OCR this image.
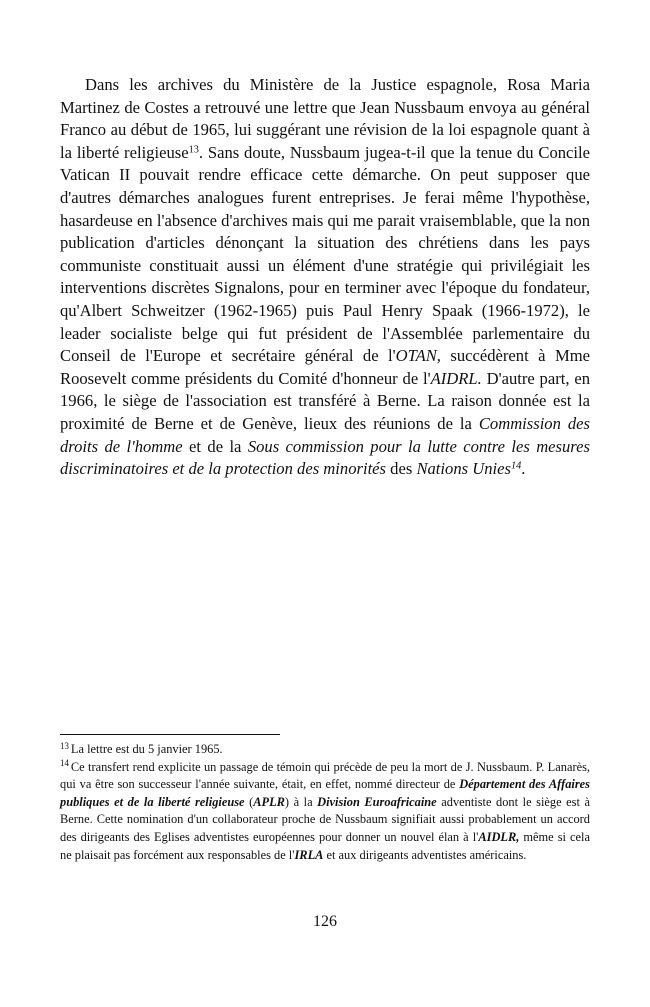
Dans les archives du Ministère de la Justice espagnole, Rosa Maria Martinez de Costes a retrouvé une lettre que Jean Nussbaum envoya au général Franco au début de 1965, lui suggérant une révision de la loi espagnole quant à la liberté religieuse$^{13}$. Sans doute, Nussbaum jugea-t-il que la tenue du Concile Vatican II pouvait rendre efficace cette démarche. On peut supposer que d'autres démarches analogues furent entreprises. Je ferai même l'hypothèse, hasardeuse en l'absence d'archives mais qui me parait vraisemblable, que la non publication d'articles dénonçant la situation des chrétiens dans les pays communiste constituait aussi un élément d'une stratégie qui privilégiait les interventions discrètes Signalons, pour en terminer avec l'époque du fondateur, qu'Albert Schweitzer (1962-1965) puis Paul Henry Spaak (1966-1972), le leader socialiste belge qui fut président de l'Assemblée parlementaire du Conseil de l'Europe et secrétaire général de l'OTAN, succédèrent à Mme Roosevelt comme présidents du Comité d'honneur de l'AIDRL. D'autre part, en 1966, le siège de l'association est transféré à Berne. La raison donnée est la proximité de Berne et de Genève, lieux des réunions de la Commission des droits de l'homme et de la Sous commission pour la lutte contre les mesures discriminatoires et de la protection des minorités des Nations Unies$^{14}$.

$^{13}$ La lettre est du 5 janvier 1965.

$^{14}$ Ce transfert rend explicite un passage de témoin qui précède de peu la mort de J. Nussbaum. P. Lanarès, qui va être son successeur l'année suivante, était, en effet, nommé directeur de Département des Affaires publiques et de la liberté religieuse (APLR) à la Division Euroafricaine adventiste dont le siège est à Berne. Cette nomination d'un collaborateur proche de Nussbaum signifiait aussi probablement un accord des dirigeants des Eglises adventistes européennes pour donner un nouvel élan à l'AIDLR, même si cela ne plaisait pas forcément aux responsables de l'IRLA et aux dirigeants adventistes américains.

126
